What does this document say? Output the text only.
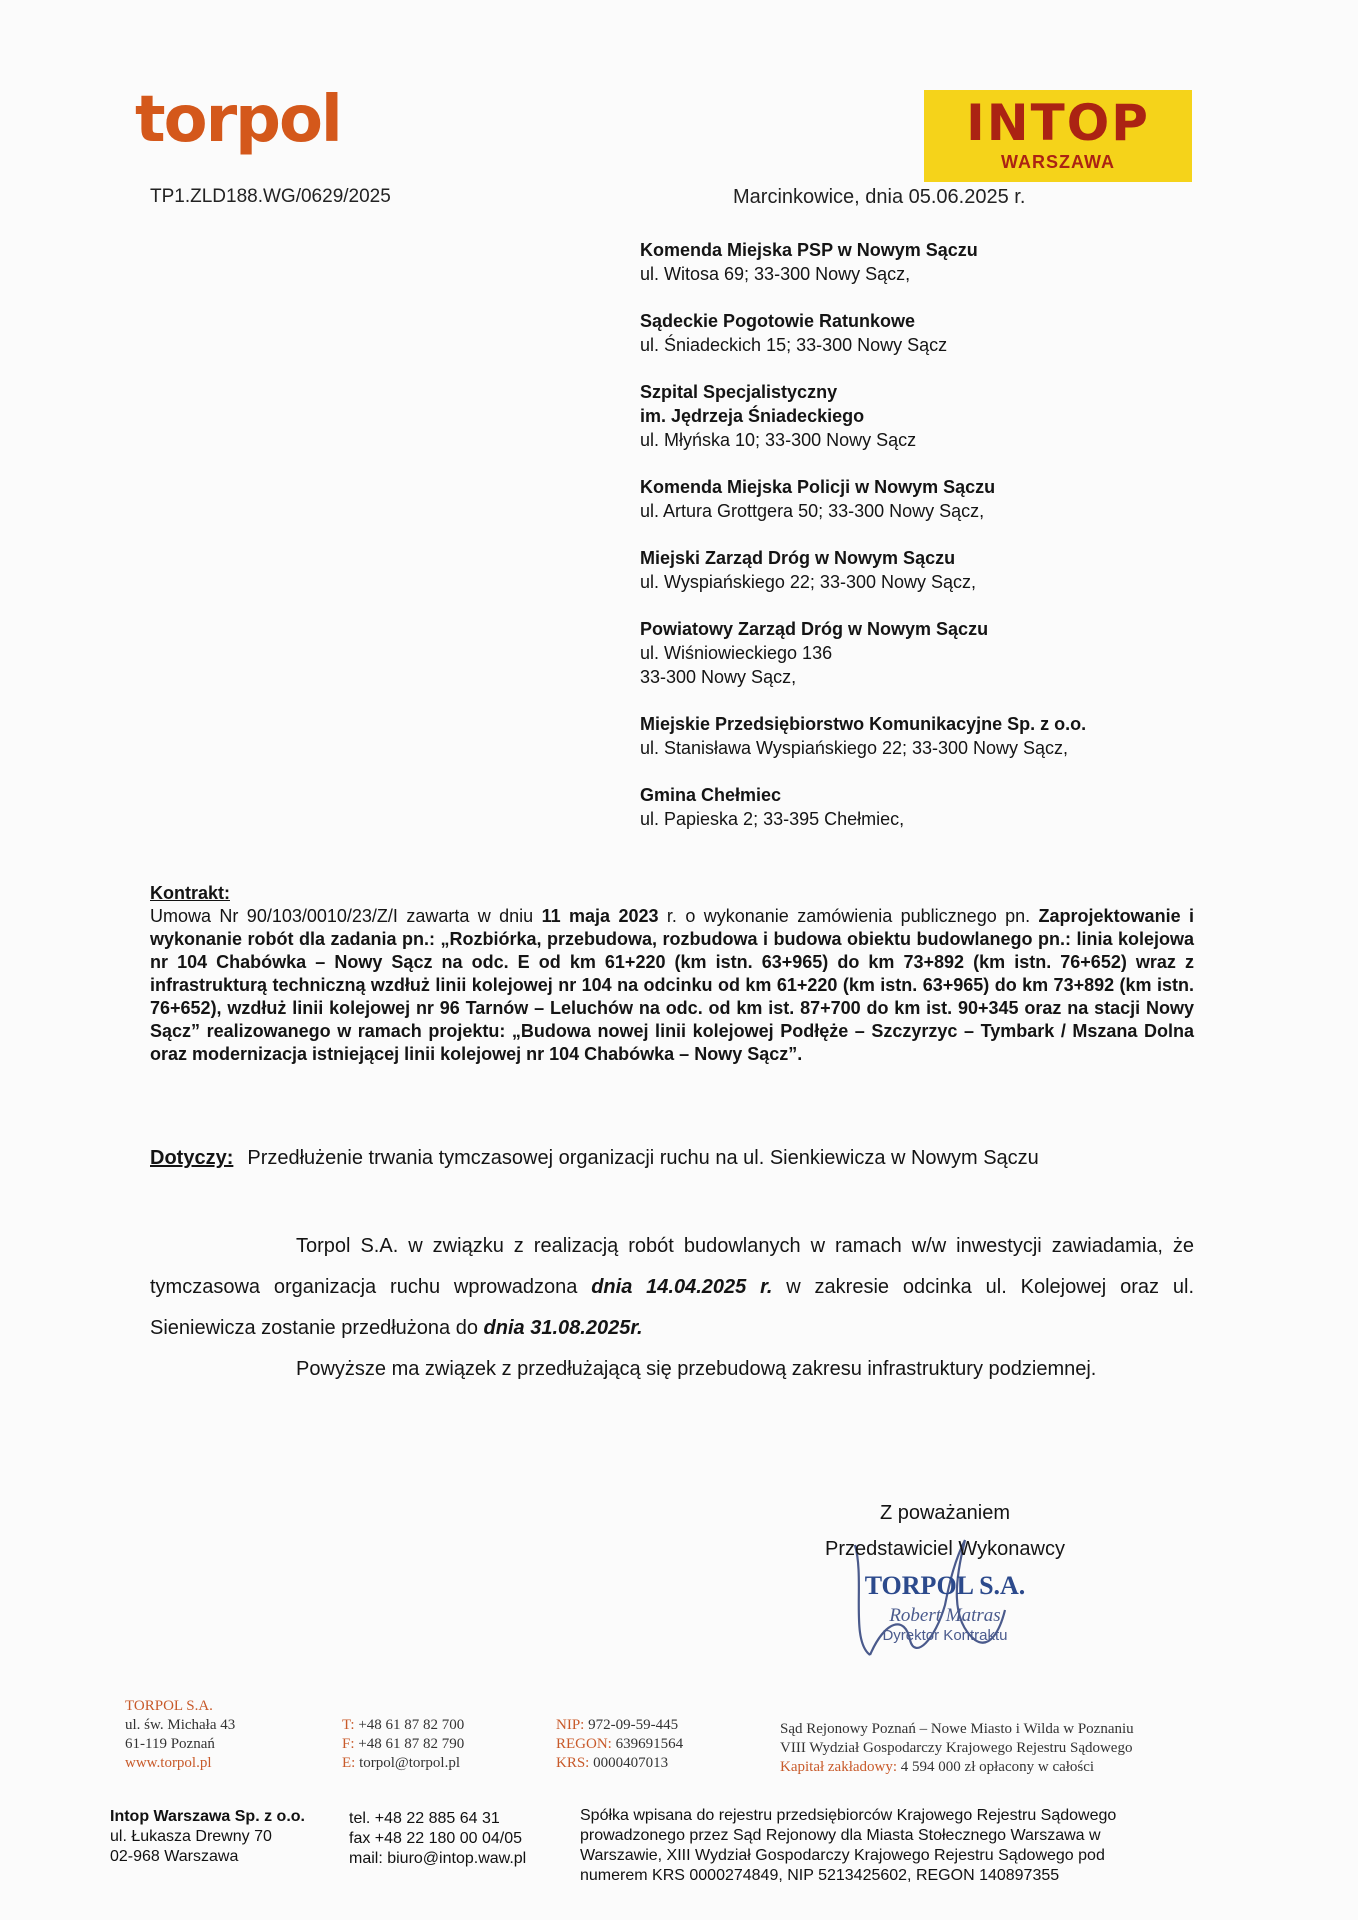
torpol	INTOP
WARSZAWA
TP1.ZLD188.WG/0629/2025	Marcinkowice, dnia 05.06.2025 r.
Komenda Miejska PSP w Nowym Sączu
ul. Witosa 69; 33-300 Nowy Sącz,
Sądeckie Pogotowie Ratunkowe
ul. Śniadeckich 15; 33-300 Nowy Sącz
Szpital Specjalistyczny
im. Jędrzeja Śniadeckiego
ul. Młyńska 10; 33-300 Nowy Sącz
Komenda Miejska Policji w Nowym Sączu
ul. Artura Grottgera 50; 33-300 Nowy Sącz,
Miejski Zarząd Dróg w Nowym Sączu
ul. Wyspiańskiego 22; 33-300 Nowy Sącz,
Powiatowy Zarząd Dróg w Nowym Sączu
ul. Wiśniowieckiego 136
33-300 Nowy Sącz,
Miejskie Przedsiębiorstwo Komunikacyjne Sp. z o.o.
ul. Stanisława Wyspiańskiego 22; 33-300 Nowy Sącz,
Gmina Chełmiec
ul. Papieska 2; 33-395 Chełmiec,
Kontrakt:
Umowa Nr 90/103/0010/23/Z/I zawarta w dniu 11 maja 2023 r. o wykonanie zamówienia publicznego pn. Zaprojektowanie i wykonanie robót dla zadania pn.: „Rozbiórka, przebudowa, rozbudowa i budowa obiektu budowlanego pn.: linia kolejowa nr 104 Chabówka – Nowy Sącz na odc. E od km 61+220 (km istn. 63+965) do km 73+892 (km istn. 76+652) wraz z infrastrukturą techniczną wzdłuż linii kolejowej nr 104 na odcinku od km 61+220 (km istn. 63+965) do km 73+892 (km istn. 76+652), wzdłuż linii kolejowej nr 96 Tarnów – Leluchów na odc. od km ist. 87+700 do km ist. 90+345 oraz na stacji Nowy Sącz” realizowanego w ramach projektu: „Budowa nowej linii kolejowej Podłęże – Szczyrzyc – Tymbark / Mszana Dolna oraz modernizacja istniejącej linii kolejowej nr 104 Chabówka – Nowy Sącz”.
Dotyczy: Przedłużenie trwania tymczasowej organizacji ruchu na ul. Sienkiewicza w Nowym Sączu

Torpol S.A. w związku z realizacją robót budowlanych w ramach w/w inwestycji zawiadamia, że tymczasowa organizacja ruchu wprowadzona dnia 14.04.2025 r. w zakresie odcinka ul. Kolejowej oraz ul. Sieniewicza zostanie przedłużona do dnia 31.08.2025r.

Powyższe ma związek z przedłużającą się przebudową zakresu infrastruktury podziemnej.

Z poważaniem
Przedstawiciel Wykonawcy
TORPOL S.A.
Robert Matras
Dyrektor Kontraktu
TORPOL S.A.
ul. św. Michała 43
61-119 Poznań
www.torpol.pl
T: +48 61 87 82 700
F: +48 61 87 82 790
E: torpol@torpol.pl
NIP: 972-09-59-445
REGON: 639691564
KRS: 0000407013
Sąd Rejonowy Poznań – Nowe Miasto i Wilda w Poznaniu
VIII Wydział Gospodarczy Krajowego Rejestru Sądowego
Kapitał zakładowy: 4 594 000 zł opłacony w całości
Intop Warszawa Sp. z o.o.
ul. Łukasza Drewny 70
02-968 Warszawa
tel. +48 22 885 64 31
fax +48 22 180 00 04/05
mail: biuro@intop.waw.pl
Spółka wpisana do rejestru przedsiębiorców Krajowego Rejestru Sądowego
prowadzonego przez Sąd Rejonowy dla Miasta Stołecznego Warszawa w
Warszawie, XIII Wydział Gospodarczy Krajowego Rejestru Sądowego pod
numerem KRS 0000274849, NIP 5213425602, REGON 140897355
